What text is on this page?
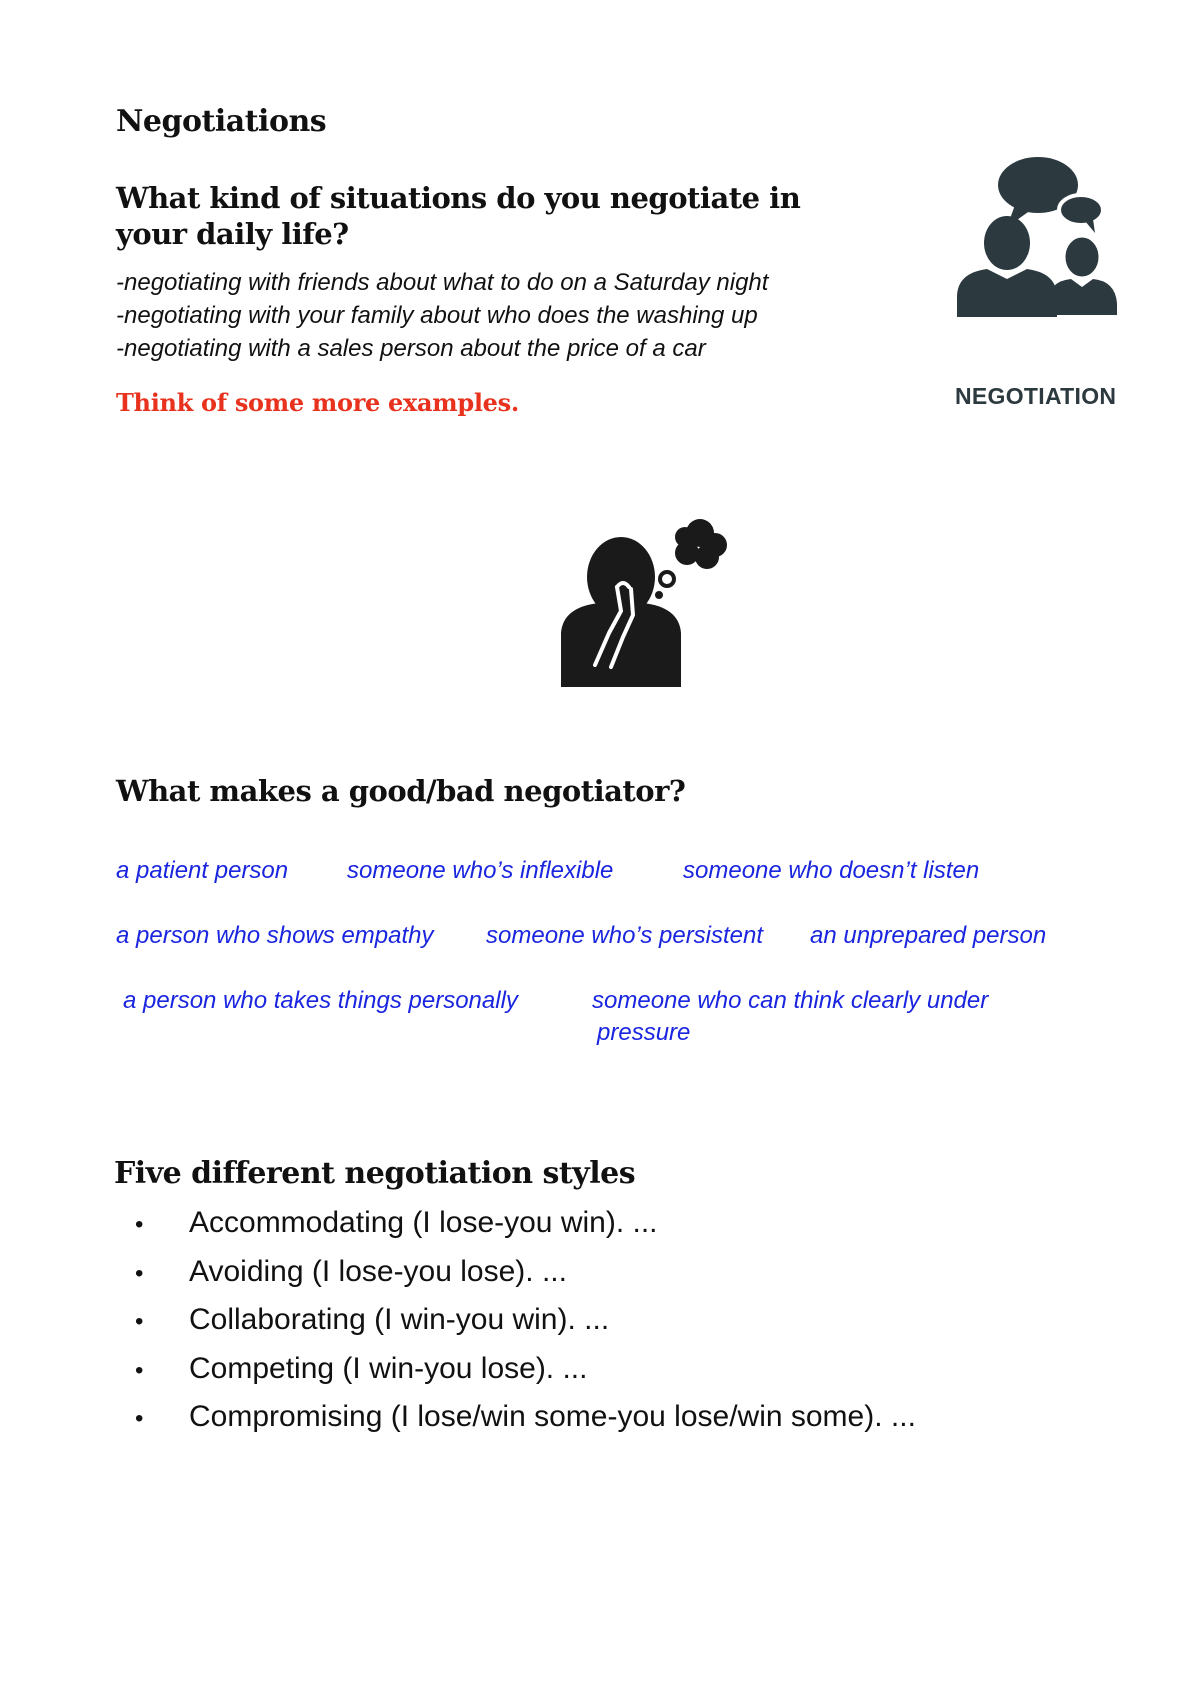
Negotiations
What kind of situations do you negotiate in your daily life?
-negotiating with friends about what to do on a Saturday night
-negotiating with your family about who does the washing up
-negotiating with a sales person about the price of a car

Think of some more examples.	NEGOTIATION
What makes a good/bad negotiator?
a patient person someone who’s inflexible	someone who doesn’t listen
a person who shows empathy someone who’s persistent an unprepared person
a person who takes things personally	someone who can think clearly under
pressure
Five different negotiation styles
•	Accommodating (I lose-you win). ...
•	Avoiding (I lose-you lose). ...
•	Collaborating (I win-you win). ...
•	Competing (I win-you lose). ...
•	Compromising (I lose/win some-you lose/win some). ...
